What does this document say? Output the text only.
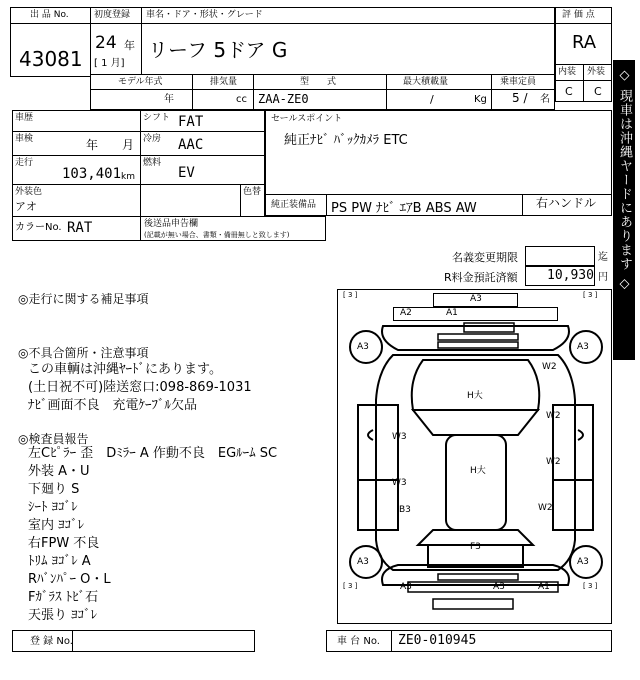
出 品 No.
43081
初度登録 車名・ドア・形状・グレード
24 年
[ 1 月]
リーフ 5ドア G
モデル年式	排気量	型　　式	最大積載量	乗車定員
年	cc ZAA-ZE0	/	Kg 5 / 名
評 価 点
RA
内装 外装
C C
車歴	シフト FAT
車検	年 月 冷房 AAC
走行
103,401 km
燃料
EV
外装色
アオ
色替
カラーNo. RAT	後送品申告欄
(記載が無い場合、書類・備冊無しと致します)
セールスポイント
純正ﾅﾋﾞ ﾊﾞｯｸｶﾒﾗ ETC
純正装備品 PS PW ﾅﾋﾞ ｴｱB ABS AW	右ハンドル
名義変更期限	迄
R料金預託済額 10,930 円
◎走行に関する補足事項
◎不具合箇所・注意事項
この車輌は沖縄ﾔｰﾄﾞにあります。
(土日祝不可)陸送窓口:098-869-1031
ﾅﾋﾞ画面不良　充電ｹｰﾌﾞﾙ欠品
◎検査員報告
左Cﾋﾟﾗｰ 歪　Dﾐﾗｰ A 作動不良　EGﾙｰﾑ SC
外装 A・U
下廻り S
ｼｰﾄ ﾖｺﾞﾚ
室内 ﾖｺﾞﾚ
右FPW 不良
ﾄﾘﾑ ﾖｺﾞﾚ A
Rﾊﾞﾝﾊﾟｰ O・L
Fｶﾞﾗｽ ﾄﾋﾞ石
天張り ﾖｺﾞﾚ
◇ 現車は沖縄ヤードにあります ◇
[ 3 ]	[ 3 ]
A3
A2	A1
A3	A3
H大
W2
W2
W3
H大
W2
W3
B3	W2
F3
A3	A3
[ 3 ]	[ 3 ]
A3	A3	A1
登 録 No.	車 台 No. ZE0-010945
